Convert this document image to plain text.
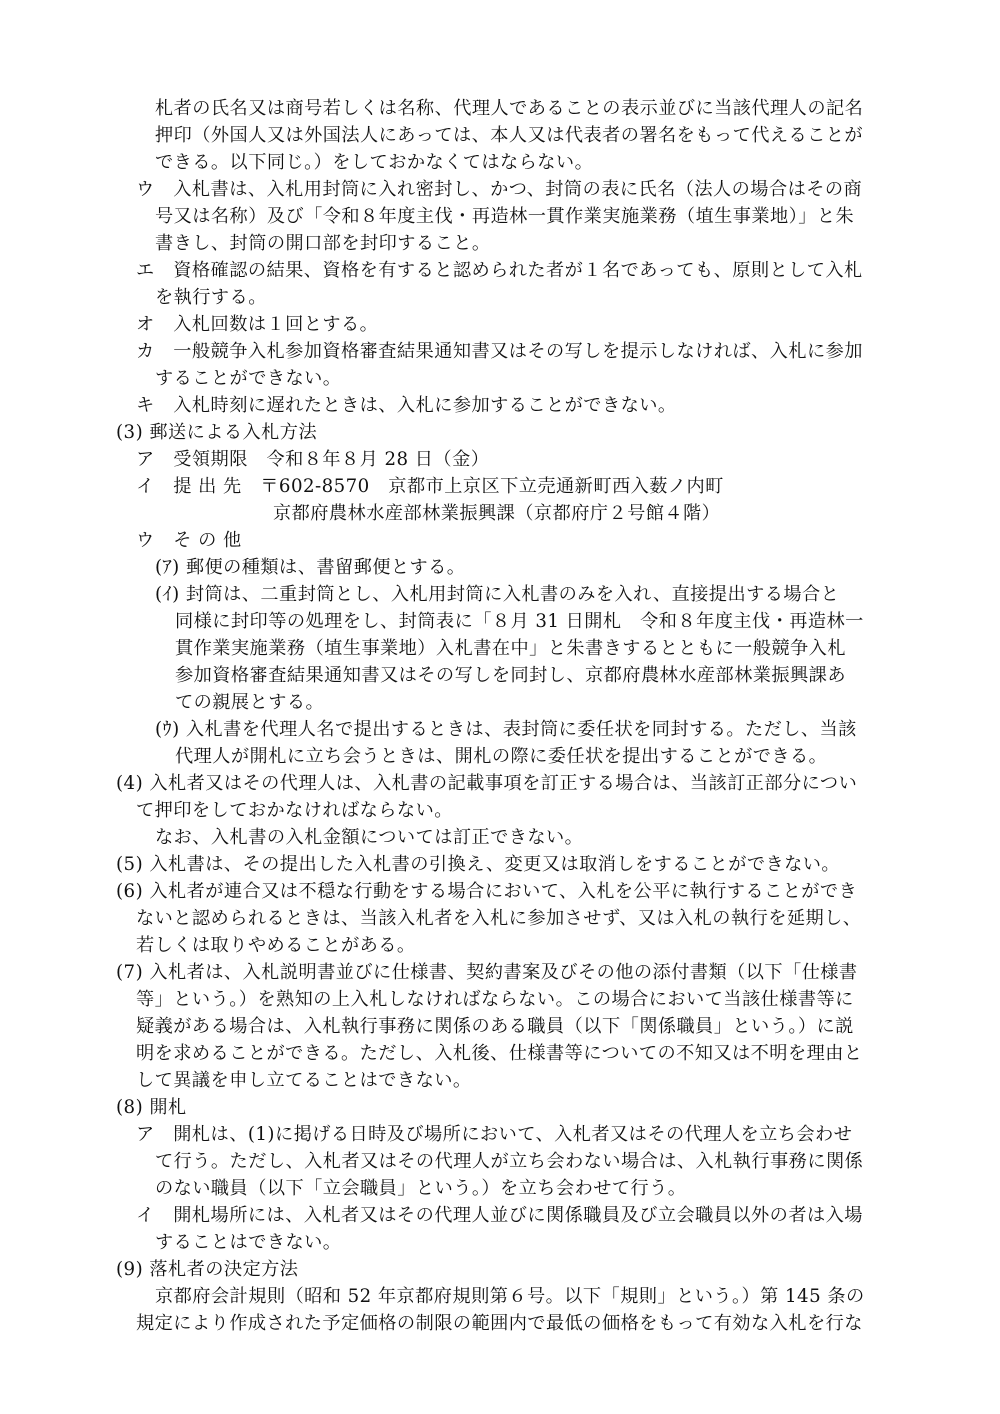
札者の氏名又は商号若しくは名称、代理人であることの表示並びに当該代理人の記名
押印（外国人又は外国法人にあっては、本人又は代表者の署名をもって代えることが
できる。以下同じ。）をしておかなくてはならない。
ウ　入札書は、入札用封筒に入れ密封し、かつ、封筒の表に氏名（法人の場合はその商
号又は名称）及び「令和８年度主伐・再造林一貫作業実施業務（埴生事業地）」と朱
書きし、封筒の開口部を封印すること。
エ　資格確認の結果、資格を有すると認められた者が１名であっても、原則として入札
を執行する。
オ　入札回数は１回とする。
カ　一般競争入札参加資格審査結果通知書又はその写しを提示しなければ、入札に参加
することができない。
キ　入札時刻に遅れたときは、入札に参加することができない。
(3) 郵送による入札方法
ア　受領期限　令和８年８月 28 日（金）
イ　提 出 先　〒602-8570　京都市上京区下立売通新町西入薮ノ内町
京都府農林水産部林業振興課（京都府庁２号館４階）
ウ　そ の 他
(ｱ) 郵便の種類は、書留郵便とする。
(ｲ) 封筒は、二重封筒とし、入札用封筒に入札書のみを入れ、直接提出する場合と
同様に封印等の処理をし、封筒表に「８月 31 日開札　令和８年度主伐・再造林一
貫作業実施業務（埴生事業地）入札書在中」と朱書きするとともに一般競争入札
参加資格審査結果通知書又はその写しを同封し、京都府農林水産部林業振興課あ
ての親展とする。
(ｳ) 入札書を代理人名で提出するときは、表封筒に委任状を同封する。ただし、当該
代理人が開札に立ち会うときは、開札の際に委任状を提出することができる。
(4) 入札者又はその代理人は、入札書の記載事項を訂正する場合は、当該訂正部分につい
て押印をしておかなければならない。
なお、入札書の入札金額については訂正できない。
(5) 入札書は、その提出した入札書の引換え、変更又は取消しをすることができない。
(6) 入札者が連合又は不穏な行動をする場合において、入札を公平に執行することができ
ないと認められるときは、当該入札者を入札に参加させず、又は入札の執行を延期し、
若しくは取りやめることがある。
(7) 入札者は、入札説明書並びに仕様書、契約書案及びその他の添付書類（以下「仕様書
等」という。）を熟知の上入札しなければならない。この場合において当該仕様書等に
疑義がある場合は、入札執行事務に関係のある職員（以下「関係職員」という。）に説
明を求めることができる。ただし、入札後、仕様書等についての不知又は不明を理由と
して異議を申し立てることはできない。
(8) 開札
ア　開札は、(1)に掲げる日時及び場所において、入札者又はその代理人を立ち会わせ
て行う。ただし、入札者又はその代理人が立ち会わない場合は、入札執行事務に関係
のない職員（以下「立会職員」という。）を立ち会わせて行う。
イ　開札場所には、入札者又はその代理人並びに関係職員及び立会職員以外の者は入場
することはできない。
(9) 落札者の決定方法
京都府会計規則（昭和 52 年京都府規則第６号。以下「規則」という。）第 145 条の
規定により作成された予定価格の制限の範囲内で最低の価格をもって有効な入札を行な
